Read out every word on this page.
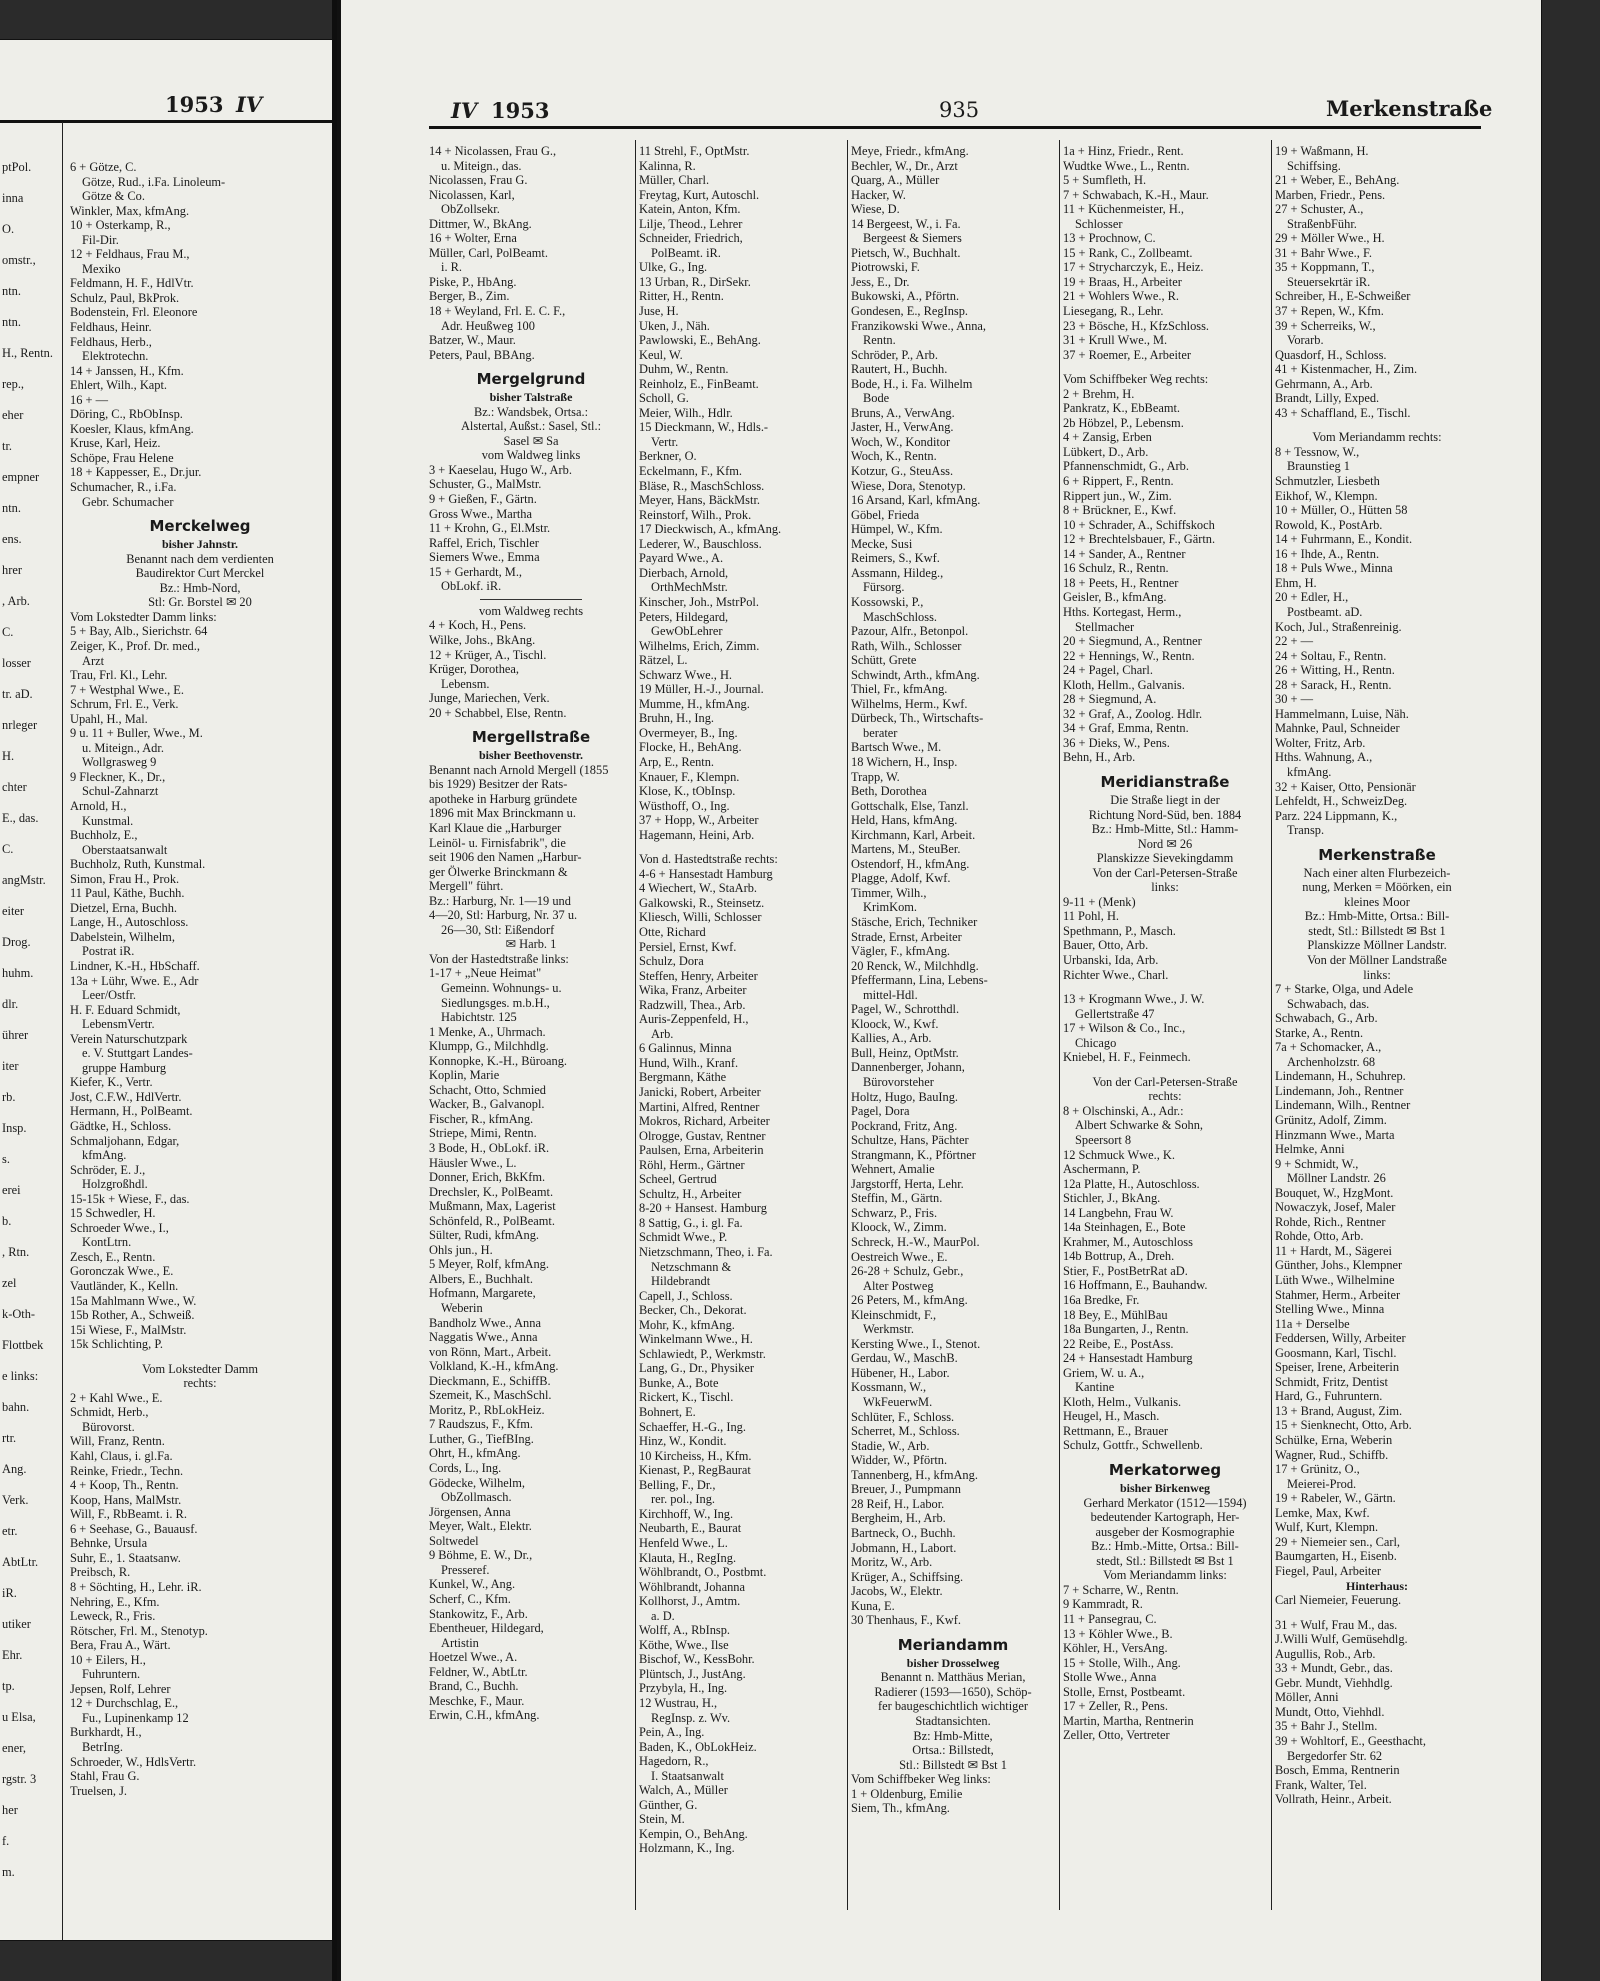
1953 IV
ptPol.
inna
O.
omstr.,
ntn.
ntn.
H., Rentn.
rep.,
eher
tr.
empner
ntn.
ens.
hrer
, Arb.
C.
losser
tr. aD.
nrleger
H.
chter
E., das.
C.
angMstr.
eiter
Drog.
huhm.
dlr.
ührer
iter
rb.
Insp.
s.
erei
b.
, Rtn.
zel
k-Oth-
Flottbek
e links:
bahn.
rtr.
Ang.
Verk.
etr.
AbtLtr.
iR.
utiker
Ehr.
tp.
u Elsa,
ener,
rgstr. 3
her
f.
m.
6 + Götze, C.
Götze, Rud., i.Fa. Linoleum-
Götze & Co.
Winkler, Max, kfmAng.
10 + Osterkamp, R.,
Fil-Dir.
12 + Feldhaus, Frau M.,
Mexiko
Feldmann, H. F., HdlVtr.
Schulz, Paul, BkProk.
Bodenstein, Frl. Eleonore
Feldhaus, Heinr.
Feldhaus, Herb.,
Elektrotechn.
14 + Janssen, H., Kfm.
Ehlert, Wilh., Kapt.
16 + —
Döring, C., RbObInsp.
Koesler, Klaus, kfmAng.
Kruse, Karl, Heiz.
Schöpe, Frau Helene
18 + Kappesser, E., Dr.jur.
Schumacher, R., i.Fa.
Gebr. Schumacher
Merckelweg
bisher Jahnstr.
Benannt nach dem verdienten
Baudirektor Curt Merckel
Bz.: Hmb-Nord,
Stl: Gr. Borstel ✉ 20
Vom Lokstedter Damm links:
5 + Bay, Alb., Sierichstr. 64
Zeiger, K., Prof. Dr. med.,
Arzt
Trau, Frl. Kl., Lehr.
7 + Westphal Wwe., E.
Schrum, Frl. E., Verk.
Upahl, H., Mal.
9 u. 11 + Buller, Wwe., M.
u. Miteign., Adr.
Wollgrasweg 9
9 Fleckner, K., Dr.,
Schul-Zahnarzt
Arnold, H.,
Kunstmal.
Buchholz, E.,
Oberstaatsanwalt
Buchholz, Ruth, Kunstmal.
Simon, Frau H., Prok.
11 Paul, Käthe, Buchh.
Dietzel, Erna, Buchh.
Lange, H., Autoschloss.
Dabelstein, Wilhelm,
Postrat iR.
Lindner, K.-H., HbSchaff.
13a + Lühr, Wwe. E., Adr
Leer/Ostfr.
H. F. Eduard Schmidt,
LebensmVertr.
Verein Naturschutzpark
e. V. Stuttgart Landes-
gruppe Hamburg
Kiefer, K., Vertr.
Jost, C.F.W., HdlVertr.
Hermann, H., PolBeamt.
Gädtke, H., Schloss.
Schmaljohann, Edgar,
kfmAng.
Schröder, E. J.,
Holzgroßhdl.
15-15k + Wiese, F., das.
15 Schwedler, H.
Schroeder Wwe., I.,
KontLtrn.
Zesch, E., Rentn.
Goronczak Wwe., E.
Vautländer, K., Kelln.
15a Mahlmann Wwe., W.
15b Rother, A., Schweiß.
15i Wiese, F., MalMstr.
15k Schlichting, P.
Vom Lokstedter Damm
rechts:
2 + Kahl Wwe., E.
Schmidt, Herb.,
Bürovorst.
Will, Franz, Rentn.
Kahl, Claus, i. gl.Fa.
Reinke, Friedr., Techn.
4 + Koop, Th., Rentn.
Koop, Hans, MalMstr.
Will, F., RbBeamt. i. R.
6 + Seehase, G., Bauausf.
Behnke, Ursula
Suhr, E., 1. Staatsanw.
Preibsch, R.
8 + Söchting, H., Lehr. iR.
Nehring, E., Kfm.
Leweck, R., Fris.
Rötscher, Frl. M., Stenotyp.
Bera, Frau A., Wärt.
10 + Eilers, H.,
Fuhruntern.
Jepsen, Rolf, Lehrer
12 + Durchschlag, E.,
Fu., Lupinenkamp 12
Burkhardt, H.,
BetrIng.
Schroeder, W., HdlsVertr.
Stahl, Frau G.
Truelsen, J.
IV 1953	935	Merkenstraße
14 + Nicolassen, Frau G.,
u. Miteign., das.
Nicolassen, Frau G.
Nicolassen, Karl,
ObZollsekr.
Dittmer, W., BkAng.
16 + Wolter, Erna
Müller, Carl, PolBeamt.
i. R.
Piske, P., HbAng.
Berger, B., Zim.
18 + Weyland, Frl. E. C. F.,
Adr. Heußweg 100
Batzer, W., Maur.
Peters, Paul, BBAng.
Mergelgrund
bisher Talstraße
Bz.: Wandsbek, Ortsa.:
Alstertal, Außst.: Sasel, Stl.:
Sasel ✉ Sa
vom Waldweg links
3 + Kaeselau, Hugo W., Arb.
Schuster, G., MalMstr.
9 + Gießen, F., Gärtn.
Gross Wwe., Martha
11 + Krohn, G., El.Mstr.
Raffel, Erich, Tischler
Siemers Wwe., Emma
15 + Gerhardt, M.,
ObLokf. iR.
vom Waldweg rechts
4 + Koch, H., Pens.
Wilke, Johs., BkAng.
12 + Krüger, A., Tischl.
Krüger, Dorothea,
Lebensm.
Junge, Mariechen, Verk.
20 + Schabbel, Else, Rentn.
Mergellstraße
bisher Beethovenstr.
Benannt nach Arnold Mergell (1855
bis 1929) Besitzer der Rats-
apotheke in Harburg gründete
1896 mit Max Brinckmann u.
Karl Klaue die „Harburger
Leinöl- u. Firnisfabrik", die
seit 1906 den Namen „Harbur-
ger Ölwerke Brinckmann &
Mergell" führt.
Bz.: Harburg, Nr. 1—19 und
4—20, Stl: Harburg, Nr. 37 u.
26—30, Stl: Eißendorf
✉ Harb. 1
Von der Hastedtstraße links:
1-17 + „Neue Heimat"
Gemeinn. Wohnungs- u.
Siedlungsges. m.b.H.,
Habichtstr. 125
1 Menke, A., Uhrmach.
Klumpp, G., Milchhdlg.
Konnopke, K.-H., Büroang.
Koplin, Marie
Schacht, Otto, Schmied
Wacker, B., Galvanopl.
Fischer, R., kfmAng.
Striepe, Mimi, Rentn.
3 Bode, H., ObLokf. iR.
Häusler Wwe., L.
Donner, Erich, BkKfm.
Drechsler, K., PolBeamt.
Mußmann, Max, Lagerist
Schönfeld, R., PolBeamt.
Sülter, Rudi, kfmAng.
Ohls jun., H.
5 Meyer, Rolf, kfmAng.
Albers, E., Buchhalt.
Hofmann, Margarete,
Weberin
Bandholz Wwe., Anna
Naggatis Wwe., Anna
von Rönn, Mart., Arbeit.
Volkland, K.-H., kfmAng.
Dieckmann, E., SchiffB.
Szemeit, K., MaschSchl.
Moritz, P., RbLokHeiz.
7 Raudszus, F., Kfm.
Luther, G., TiefBIng.
Ohrt, H., kfmAng.
Cords, L., Ing.
Gödecke, Wilhelm,
ObZollmasch.
Jörgensen, Anna
Meyer, Walt., Elektr.
Soltwedel
9 Böhme, E. W., Dr.,
Presseref.
Kunkel, W., Ang.
Scherf, C., Kfm.
Stankowitz, F., Arb.
Ebentheuer, Hildegard,
Artistin
Hoetzel Wwe., A.
Feldner, W., AbtLtr.
Brand, C., Buchh.
Meschke, F., Maur.
Erwin, C.H., kfmAng.
11 Strehl, F., OptMstr.
Kalinna, R.
Müller, Charl.
Freytag, Kurt, Autoschl.
Katein, Anton, Kfm.
Lilje, Theod., Lehrer
Schneider, Friedrich,
PolBeamt. iR.
Ulke, G., Ing.
13 Urban, R., DirSekr.
Ritter, H., Rentn.
Juse, H.
Uken, J., Näh.
Pawlowski, E., BehAng.
Keul, W.
Duhm, W., Rentn.
Reinholz, E., FinBeamt.
Scholl, G.
Meier, Wilh., Hdlr.
15 Dieckmann, W., Hdls.-
Vertr.
Berkner, O.
Eckelmann, F., Kfm.
Bläse, R., MaschSchloss.
Meyer, Hans, BäckMstr.
Reinstorf, Wilh., Prok.
17 Dieckwisch, A., kfmAng.
Lederer, W., Bauschloss.
Payard Wwe., A.
Dierbach, Arnold,
OrthMechMstr.
Kinscher, Joh., MstrPol.
Peters, Hildegard,
GewObLehrer
Wilhelms, Erich, Zimm.
Rätzel, L.
Schwarz Wwe., H.
19 Müller, H.-J., Journal.
Mumme, H., kfmAng.
Bruhn, H., Ing.
Overmeyer, B., Ing.
Flocke, H., BehAng.
Arp, E., Rentn.
Knauer, F., Klempn.
Klose, K., tObInsp.
Wüsthoff, O., Ing.
37 + Hopp, W., Arbeiter
Hagemann, Heini, Arb.
Von d. Hastedtstraße rechts:
4-6 + Hansestadt Hamburg
4 Wiechert, W., StaArb.
Galkowski, R., Steinsetz.
Kliesch, Willi, Schlosser
Otte, Richard
Persiel, Ernst, Kwf.
Schulz, Dora
Steffen, Henry, Arbeiter
Wika, Franz, Arbeiter
Radzwill, Thea., Arb.
Auris-Zeppenfeld, H.,
Arb.
6 Galinnus, Minna
Hund, Wilh., Kranf.
Bergmann, Käthe
Janicki, Robert, Arbeiter
Martini, Alfred, Rentner
Mokros, Richard, Arbeiter
Olrogge, Gustav, Rentner
Paulsen, Erna, Arbeiterin
Röhl, Herm., Gärtner
Scheel, Gertrud
Schultz, H., Arbeiter
8-20 + Hansest. Hamburg
8 Sattig, G., i. gl. Fa.
Schmidt Wwe., P.
Nietzschmann, Theo, i. Fa.
Netzschmann &
Hildebrandt
Capell, J., Schloss.
Becker, Ch., Dekorat.
Mohr, K., kfmAng.
Winkelmann Wwe., H.
Schlawiedt, P., Werkmstr.
Lang, G., Dr., Physiker
Bunke, A., Bote
Rickert, K., Tischl.
Bohnert, E.
Schaeffer, H.-G., Ing.
Hinz, W., Kondit.
10 Kircheiss, H., Kfm.
Kienast, P., RegBaurat
Belling, F., Dr.,
rer. pol., Ing.
Kirchhoff, W., Ing.
Neubarth, E., Baurat
Henfeld Wwe., L.
Klauta, H., RegIng.
Wöhlbrandt, O., Postbmt.
Wöhlbrandt, Johanna
Kollhorst, J., Amtm.
a. D.
Wolff, A., RbInsp.
Köthe, Wwe., Ilse
Bischof, W., KessBohr.
Plüntsch, J., JustAng.
Przybyla, H., Ing.
12 Wustrau, H.,
RegInsp. z. Wv.
Pein, A., Ing.
Baden, K., ObLokHeiz.
Hagedorn, R.,
I. Staatsanwalt
Walch, A., Müller
Günther, G.
Stein, M.
Kempin, O., BehAng.
Holzmann, K., Ing.
Meye, Friedr., kfmAng.
Bechler, W., Dr., Arzt
Quarg, A., Müller
Hacker, W.
Wiese, D.
14 Bergeest, W., i. Fa.
Bergeest & Siemers
Pietsch, W., Buchhalt.
Piotrowski, F.
Jess, E., Dr.
Bukowski, A., Pförtn.
Gondesen, E., RegInsp.
Franzikowski Wwe., Anna,
Rentn.
Schröder, P., Arb.
Rautert, H., Buchh.
Bode, H., i. Fa. Wilhelm
Bode
Bruns, A., VerwAng.
Jaster, H., VerwAng.
Woch, W., Konditor
Woch, K., Rentn.
Kotzur, G., SteuAss.
Wiese, Dora, Stenotyp.
16 Arsand, Karl, kfmAng.
Göbel, Frieda
Hümpel, W., Kfm.
Mecke, Susi
Reimers, S., Kwf.
Assmann, Hildeg.,
Fürsorg.
Kossowski, P.,
MaschSchloss.
Pazour, Alfr., Betonpol.
Rath, Wilh., Schlosser
Schütt, Grete
Schwindt, Arth., kfmAng.
Thiel, Fr., kfmAng.
Wilhelms, Herm., Kwf.
Dürbeck, Th., Wirtschafts-
berater
Bartsch Wwe., M.
18 Wichern, H., Insp.
Trapp, W.
Beth, Dorothea
Gottschalk, Else, Tanzl.
Held, Hans, kfmAng.
Kirchmann, Karl, Arbeit.
Martens, M., SteuBer.
Ostendorf, H., kfmAng.
Plagge, Adolf, Kwf.
Timmer, Wilh.,
KrimKom.
Stäsche, Erich, Techniker
Strade, Ernst, Arbeiter
Vägler, F., kfmAng.
20 Renck, W., Milchhdlg.
Pfeffermann, Lina, Lebens-
mittel-Hdl.
Pagel, W., Schrotthdl.
Kloock, W., Kwf.
Kallies, A., Arb.
Bull, Heinz, OptMstr.
Dannenberger, Johann,
Bürovorsteher
Holtz, Hugo, BauIng.
Pagel, Dora
Pockrand, Fritz, Ang.
Schultze, Hans, Pächter
Strangmann, K., Pförtner
Wehnert, Amalie
Jargstorff, Herta, Lehr.
Steffin, M., Gärtn.
Schwarz, P., Fris.
Kloock, W., Zimm.
Schreck, H.-W., MaurPol.
Oestreich Wwe., E.
26-28 + Schulz, Gebr.,
Alter Postweg
26 Peters, M., kfmAng.
Kleinschmidt, F.,
Werkmstr.
Kersting Wwe., I., Stenot.
Gerdau, W., MaschB.
Hübener, H., Labor.
Kossmann, W.,
WkFeuerwM.
Schlüter, F., Schloss.
Scherret, M., Schloss.
Stadie, W., Arb.
Widder, W., Pförtn.
Tannenberg, H., kfmAng.
Breuer, J., Pumpmann
28 Reif, H., Labor.
Bergheim, H., Arb.
Bartneck, O., Buchh.
Jobmann, H., Labort.
Moritz, W., Arb.
Krüger, A., Schiffsing.
Jacobs, W., Elektr.
Kuna, E.
30 Thenhaus, F., Kwf.
Meriandamm
bisher Drosselweg
Benannt n. Matthäus Merian,
Radierer (1593—1650), Schöp-
fer baugeschichtlich wichtiger
Stadtansichten.
Bz: Hmb-Mitte,
Ortsa.: Billstedt,
Stl.: Billstedt ✉ Bst 1
Vom Schiffbeker Weg links:
1 + Oldenburg, Emilie
Siem, Th., kfmAng.
1a + Hinz, Friedr., Rent.
Wudtke Wwe., L., Rentn.
5 + Sumfleth, H.
7 + Schwabach, K.-H., Maur.
11 + Küchenmeister, H.,
Schlosser
13 + Prochnow, C.
15 + Rank, C., Zollbeamt.
17 + Strycharczyk, E., Heiz.
19 + Braas, H., Arbeiter
21 + Wohlers Wwe., R.
Liesegang, R., Lehr.
23 + Bösche, H., KfzSchloss.
31 + Krull Wwe., M.
37 + Roemer, E., Arbeiter
Vom Schiffbeker Weg rechts:
2 + Brehm, H.
Pankratz, K., EbBeamt.
2b Höbzel, P., Lebensm.
4 + Zansig, Erben
Lübkert, D., Arb.
Pfannenschmidt, G., Arb.
6 + Rippert, F., Rentn.
Rippert jun., W., Zim.
8 + Brückner, E., Kwf.
10 + Schrader, A., Schiffskoch
12 + Brechtelsbauer, F., Gärtn.
14 + Sander, A., Rentner
16 Schulz, R., Rentn.
18 + Peets, H., Rentner
Geisler, B., kfmAng.
Hths. Kortegast, Herm.,
Stellmacher
20 + Siegmund, A., Rentner
22 + Hennings, W., Rentn.
24 + Pagel, Charl.
Kloth, Hellm., Galvanis.
28 + Siegmund, A.
32 + Graf, A., Zoolog. Hdlr.
34 + Graf, Emma, Rentn.
36 + Dieks, W., Pens.
Behn, H., Arb.
Meridianstraße
Die Straße liegt in der
Richtung Nord-Süd, ben. 1884
Bz.: Hmb-Mitte, Stl.: Hamm-
Nord ✉ 26
Planskizze Sievekingdamm
Von der Carl-Petersen-Straße
links:
9-11 + (Menk)
11 Pohl, H.
Spethmann, P., Masch.
Bauer, Otto, Arb.
Urbanski, Ida, Arb.
Richter Wwe., Charl.
13 + Krogmann Wwe., J. W.
Gellertstraße 47
17 + Wilson & Co., Inc.,
Chicago
Kniebel, H. F., Feinmech.
Von der Carl-Petersen-Straße
rechts:
8 + Olschinski, A., Adr.:
Albert Schwarke & Sohn,
Speersort 8
12 Schmuck Wwe., K.
Aschermann, P.
12a Platte, H., Autoschloss.
Stichler, J., BkAng.
14 Langbehn, Frau W.
14a Steinhagen, E., Bote
Krahmer, M., Autoschloss
14b Bottrup, A., Dreh.
Stier, F., PostBetrRat aD.
16 Hoffmann, E., Bauhandw.
16a Bredke, Fr.
18 Bey, E., MühlBau
18a Bungarten, J., Rentn.
22 Reibe, E., PostAss.
24 + Hansestadt Hamburg
Griem, W. u. A.,
Kantine
Kloth, Helm., Vulkanis.
Heugel, H., Masch.
Rettmann, E., Brauer
Schulz, Gottfr., Schwellenb.
Merkatorweg
bisher Birkenweg
Gerhard Merkator (1512—1594)
bedeutender Kartograph, Her-
ausgeber der Kosmographie
Bz.: Hmb.-Mitte, Ortsa.: Bill-
stedt, Stl.: Billstedt ✉ Bst 1
Vom Meriandamm links:
7 + Scharre, W., Rentn.
9 Kammradt, R.
11 + Pansegrau, C.
13 + Köhler Wwe., B.
Köhler, H., VersAng.
15 + Stolle, Wilh., Ang.
Stolle Wwe., Anna
Stolle, Ernst, Postbeamt.
17 + Zeller, R., Pens.
Martin, Martha, Rentnerin
Zeller, Otto, Vertreter
19 + Waßmann, H.
Schiffsing.
21 + Weber, E., BehAng.
Marben, Friedr., Pens.
27 + Schuster, A.,
StraßenbFühr.
29 + Möller Wwe., H.
31 + Bahr Wwe., F.
35 + Koppmann, T.,
Steuersekrtär iR.
Schreiber, H., E-Schweißer
37 + Repen, W., Kfm.
39 + Scherreiks, W.,
Vorarb.
Quasdorf, H., Schloss.
41 + Kistenmacher, H., Zim.
Gehrmann, A., Arb.
Brandt, Lilly, Exped.
43 + Schaffland, E., Tischl.
Vom Meriandamm rechts:
8 + Tessnow, W.,
Braunstieg 1
Schmutzler, Liesbeth
Eikhof, W., Klempn.
10 + Müller, O., Hütten 58
Rowold, K., PostArb.
14 + Fuhrmann, E., Kondit.
16 + Ihde, A., Rentn.
18 + Puls Wwe., Minna
Ehm, H.
20 + Edler, H.,
Postbeamt. aD.
Koch, Jul., Straßenreinig.
22 + —
24 + Soltau, F., Rentn.
26 + Witting, H., Rentn.
28 + Sarack, H., Rentn.
30 + —
Hammelmann, Luise, Näh.
Mahnke, Paul, Schneider
Wolter, Fritz, Arb.
Hths. Wahnung, A.,
kfmAng.
32 + Kaiser, Otto, Pensionär
Lehfeldt, H., SchweizDeg.
Parz. 224 Lippmann, K.,
Transp.
Merkenstraße
Nach einer alten Flurbezeich-
nung, Merken = Möörken, ein
kleines Moor
Bz.: Hmb-Mitte, Ortsa.: Bill-
stedt, Stl.: Billstedt ✉ Bst 1
Planskizze Möllner Landstr.
Von der Möllner Landstraße
links:
7 + Starke, Olga, und Adele
Schwabach, das.
Schwabach, G., Arb.
Starke, A., Rentn.
7a + Schomacker, A.,
Archenholzstr. 68
Lindemann, H., Schuhrep.
Lindemann, Joh., Rentner
Lindemann, Wilh., Rentner
Grünitz, Adolf, Zimm.
Hinzmann Wwe., Marta
Helmke, Anni
9 + Schmidt, W.,
Möllner Landstr. 26
Bouquet, W., HzgMont.
Nowaczyk, Josef, Maler
Rohde, Rich., Rentner
Rohde, Otto, Arb.
11 + Hardt, M., Sägerei
Günther, Johs., Klempner
Lüth Wwe., Wilhelmine
Stahmer, Herm., Arbeiter
Stelling Wwe., Minna
11a + Derselbe
Feddersen, Willy, Arbeiter
Goosmann, Karl, Tischl.
Speiser, Irene, Arbeiterin
Schmidt, Fritz, Dentist
Hard, G., Fuhruntern.
13 + Brand, August, Zim.
15 + Sienknecht, Otto, Arb.
Schülke, Erna, Weberin
Wagner, Rud., Schiffb.
17 + Grünitz, O.,
Meierei-Prod.
19 + Rabeler, W., Gärtn.
Lemke, Max, Kwf.
Wulf, Kurt, Klempn.
29 + Niemeier sen., Carl,
Baumgarten, H., Eisenb.
Fiegel, Paul, Arbeiter
Hinterhaus:
Carl Niemeier, Feuerung.
31 + Wulf, Frau M., das.
J.Willi Wulf, Gemüsehdlg.
Augullis, Rob., Arb.
33 + Mundt, Gebr., das.
Gebr. Mundt, Viehhdlg.
Möller, Anni
Mundt, Otto, Viehhdl.
35 + Bahr J., Stellm.
39 + Wohltorf, E., Geesthacht,
Bergedorfer Str. 62
Bosch, Emma, Rentnerin
Frank, Walter, Tel.
Vollrath, Heinr., Arbeit.
